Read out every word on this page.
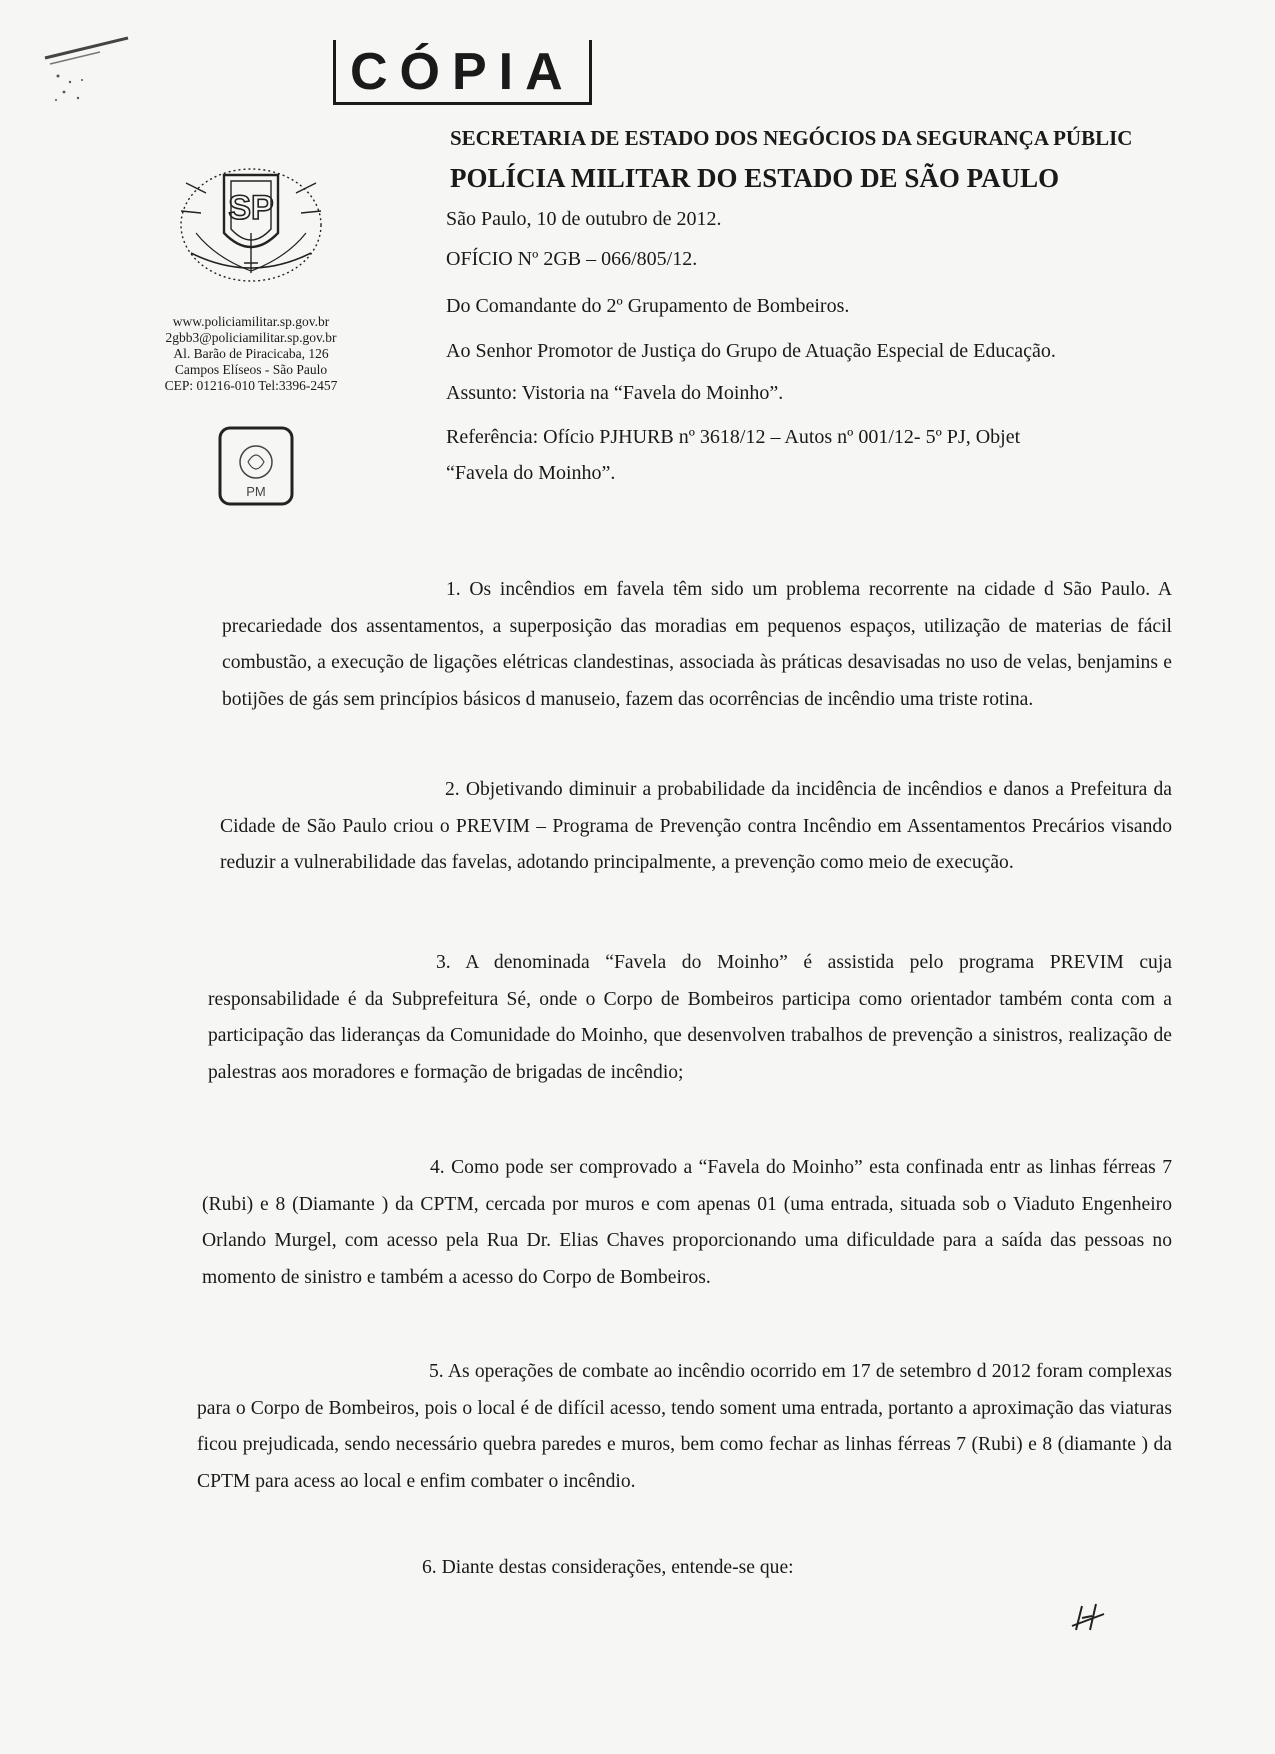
CÓPIA
SECRETARIA DE ESTADO DOS NEGÓCIOS DA SEGURANÇA PÚBLIC
POLÍCIA MILITAR DO ESTADO DE SÃO PAULO
SP
www.policiamilitar.sp.gov.br
2gbb3@policiamilitar.sp.gov.br
Al. Barão de Piracicaba, 126
Campos Elíseos - São Paulo
CEP: 01216-010 Tel:3396-2457
PM
São Paulo, 10 de outubro de 2012.
OFÍCIO Nº 2GB – 066/805/12.
Do Comandante do 2º Grupamento de Bombeiros.
Ao Senhor Promotor de Justiça do Grupo de Atuação Especial de Educação.
Assunto: Vistoria na “Favela do Moinho”.
Referência: Ofício PJHURB nº 3618/12 – Autos nº 001/12- 5º PJ, Objet
“Favela do Moinho”.

1. Os incêndios em favela têm sido um problema recorrente na cidade d São Paulo. A precariedade dos assentamentos, a superposição das moradias em pequenos espaços, utilização de materias de fácil combustão, a execução de ligações elétricas clandestinas, associada às práticas desavisadas no uso de velas, benjamins e botijões de gás sem princípios básicos d manuseio, fazem das ocorrências de incêndio uma triste rotina.

2. Objetivando diminuir a probabilidade da incidência de incêndios e danos a Prefeitura da Cidade de São Paulo criou o PREVIM – Programa de Prevenção contra Incêndio em Assentamentos Precários visando reduzir a vulnerabilidade das favelas, adotando principalmente, a prevenção como meio de execução.

3. A denominada “Favela do Moinho” é assistida pelo programa PREVIM cuja responsabilidade é da Subprefeitura Sé, onde o Corpo de Bombeiros participa como orientador também conta com a participação das lideranças da Comunidade do Moinho, que desenvolven trabalhos de prevenção a sinistros, realização de palestras aos moradores e formação de brigadas de incêndio;

4. Como pode ser comprovado a “Favela do Moinho” esta confinada entr as linhas férreas 7 (Rubi) e 8 (Diamante ) da CPTM, cercada por muros e com apenas 01 (uma entrada, situada sob o Viaduto Engenheiro Orlando Murgel, com acesso pela Rua Dr. Elias Chaves proporcionando uma dificuldade para a saída das pessoas no momento de sinistro e também a acesso do Corpo de Bombeiros.

5. As operações de combate ao incêndio ocorrido em 17 de setembro d 2012 foram complexas para o Corpo de Bombeiros, pois o local é de difícil acesso, tendo soment uma entrada, portanto a aproximação das viaturas ficou prejudicada, sendo necessário quebra paredes e muros, bem como fechar as linhas férreas 7 (Rubi) e 8 (diamante ) da CPTM para acess ao local e enfim combater o incêndio.

6. Diante destas considerações, entende-se que:
